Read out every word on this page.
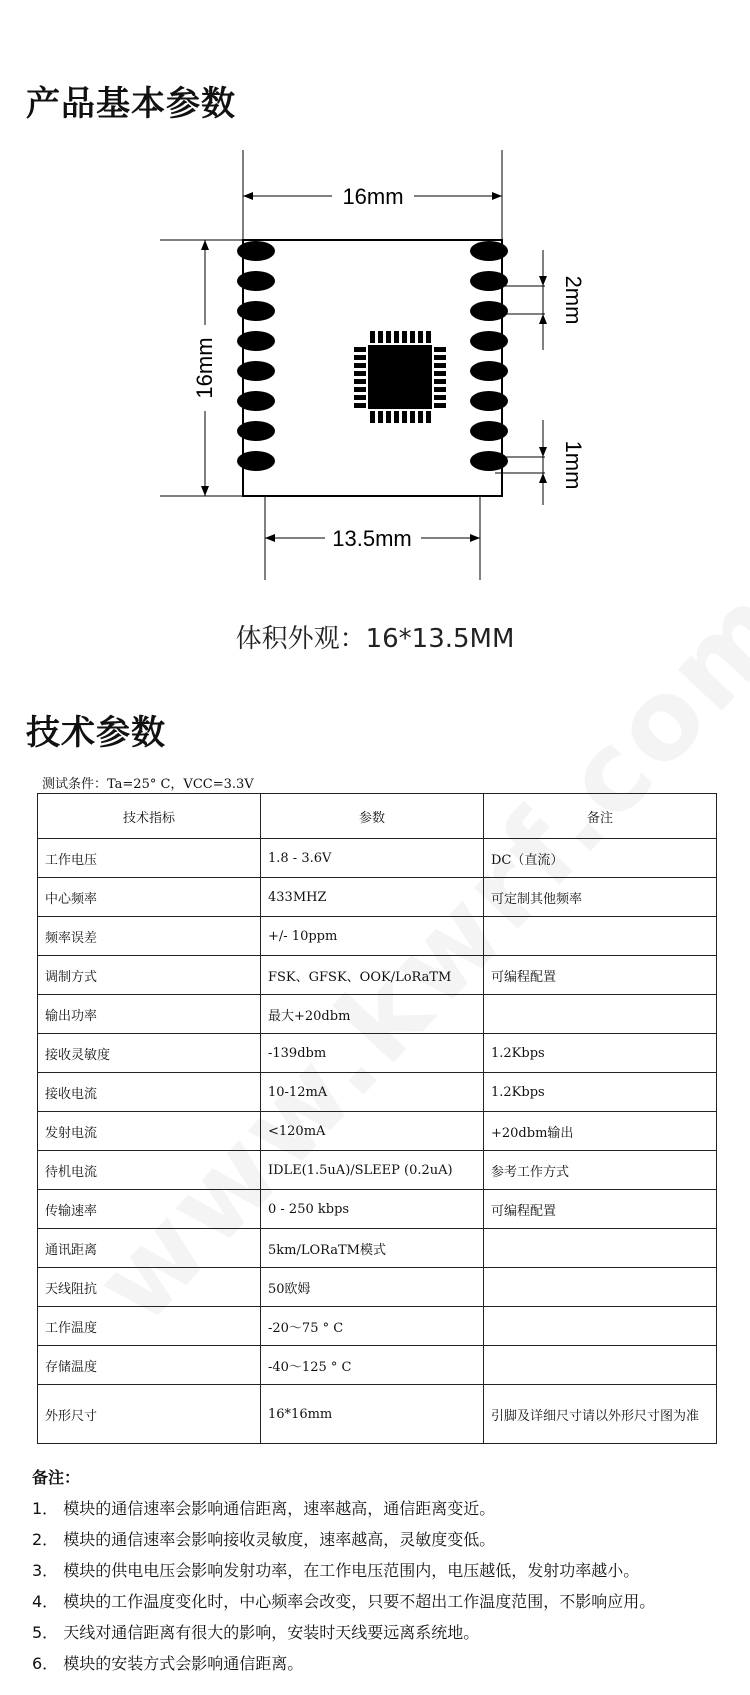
产品基本参数
16mm
16mm
13.5mm
2mm
1mm
体积外观：16*13.5MM
技术参数
测试条件：Ta=25° C，VCC=3.3V
技术指标	参数	备注
工作电压	1.8 - 3.6V	DC（直流）
中心频率	433MHZ	可定制其他频率
频率误差	+/- 10ppm	
调制方式	FSK、GFSK、OOK/LoRaTM	可编程配置
输出功率	最大+20dbm	
接收灵敏度	-139dbm	1.2Kbps
接收电流	10-12mA	1.2Kbps
发射电流	<120mA	+20dbm输出
待机电流	IDLE(1.5uA)/SLEEP (0.2uA)	参考工作方式
传输速率	0 - 250 kbps	可编程配置
通讯距离	5km/LORaTM模式	
天线阻抗	50欧姆	
工作温度	-20～75 ° C	
存储温度	-40～125 ° C	
外形尺寸	16*16mm	引脚及详细尺寸请以外形尺寸图为准
备注：
1． 模块的通信速率会影响通信距离，速率越高，通信距离变近。
2． 模块的通信速率会影响接收灵敏度，速率越高，灵敏度变低。
3． 模块的供电电压会影响发射功率，在工作电压范围内，电压越低，发射功率越小。
4． 模块的工作温度变化时，中心频率会改变，只要不超出工作温度范围，不影响应用。
5． 天线对通信距离有很大的影响，安装时天线要远离系统地。
6． 模块的安装方式会影响通信距离。
